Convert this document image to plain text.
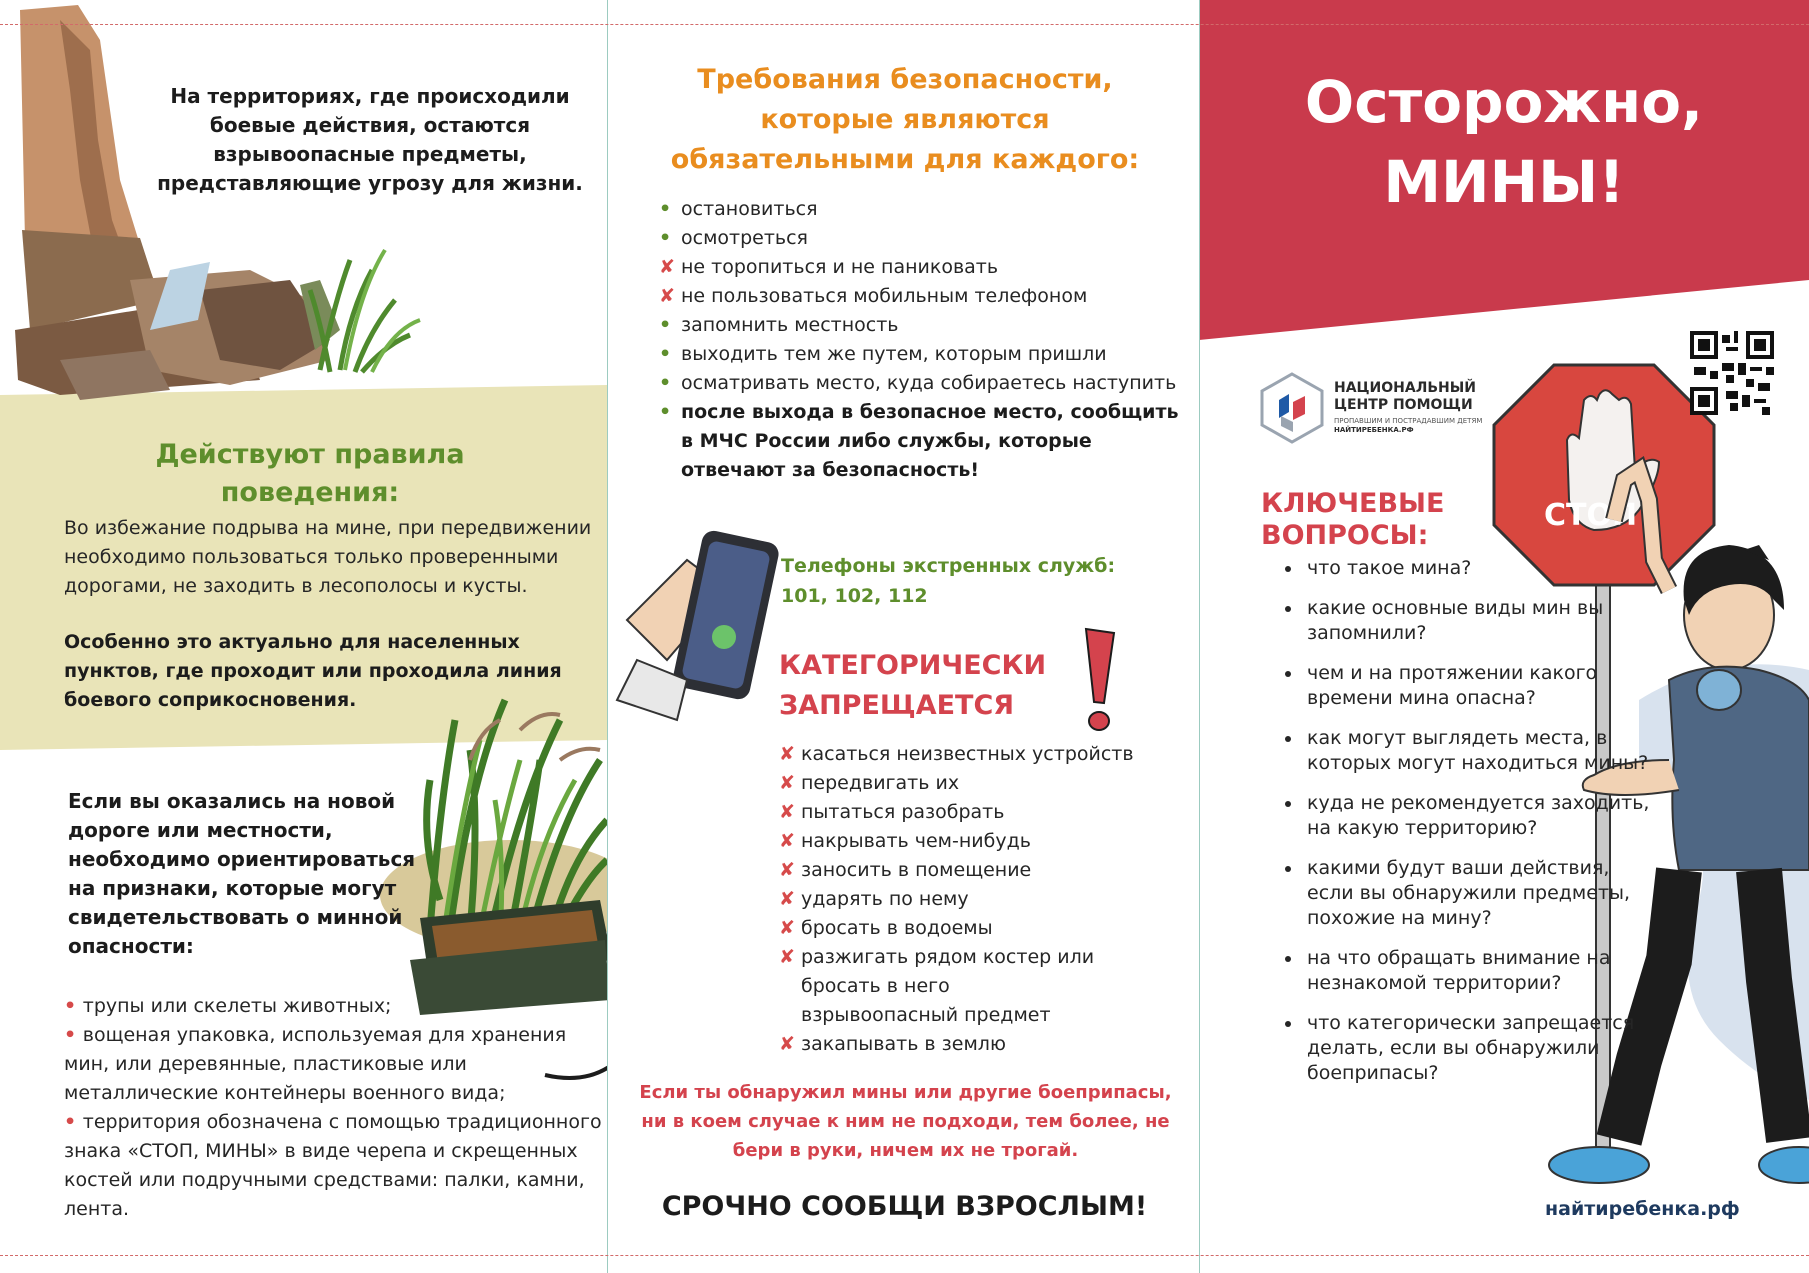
На территориях, где происходили боевые действия, остаются взрывоопасные предметы, представляющие угрозу для жизни.
Действуют правила поведения:
Во избежание подрыва на мине, при передвижении необходимо пользоваться только проверенными дорогами, не заходить в лесополосы и кусты.
Особенно это актуально для населенных пунктов, где проходит или проходила линия боевого соприкосновения.
Если вы оказались на новой дороге или местности, необходимо ориентироваться на признаки, которые могут свидетельствовать о минной опасности:
• трупы или скелеты животных;
• вощеная упаковка, используемая для хранения мин, или деревянные, пластиковые или металлические контейнеры военного вида;
• территория обозначена с помощью традиционного знака «СТОП, МИНЫ» в виде черепа и скрещенных костей или подручными средствами: палки, камни, лента.
Требования безопасности, которые являются обязательными для каждого:
• остановиться
• осмотреться
✘ не торопиться и не паниковать
✘ не пользоваться мобильным телефоном
• запомнить местность
• выходить тем же путем, которым пришли
• осматривать место, куда собираетесь наступить
• после выхода в безопасное место, сообщить в МЧС России либо службы, которые отвечают за безопасность!
Телефоны экстренных служб:
101, 102, 112
КАТЕГОРИЧЕСКИ ЗАПРЕЩАЕТСЯ
✘ касаться неизвестных устройств
✘ передвигать их
✘ пытаться разобрать
✘ накрывать чем-нибудь
✘ заносить в помещение
✘ ударять по нему
✘ бросать в водоемы
✘ разжигать рядом костер или бросать в него взрывоопасный предмет
✘ закапывать в землю
Если ты обнаружил мины или другие боеприпасы, ни в коем случае к ним не подходи, тем более, не бери в руки, ничем их не трогай.
СРОЧНО СООБЩИ ВЗРОСЛЫМ!
СТОП
Осторожно,
МИНЫ!
НАЦИОНАЛЬНЫЙ
ЦЕНТР ПОМОЩИ
ПРОПАВШИМ И ПОСТРАДАВШИМ ДЕТЯМ
НАЙТИРЕБЕНКА.РФ
КЛЮЧЕВЫЕ ВОПРОСЫ:
• что такое мина?
• какие основные виды мин вы запомнили?
• чем и на протяжении какого времени мина опасна?
• как могут выглядеть места, в которых могут находиться мины?
• куда не рекомендуется заходить, на какую территорию?
• какими будут ваши действия, если вы обнаружили предметы, похожие на мину?
• на что обращать внимание на незнакомой территории?
• что категорически запрещается делать, если вы обнаружили боеприпасы?
найтиребенка.рф
